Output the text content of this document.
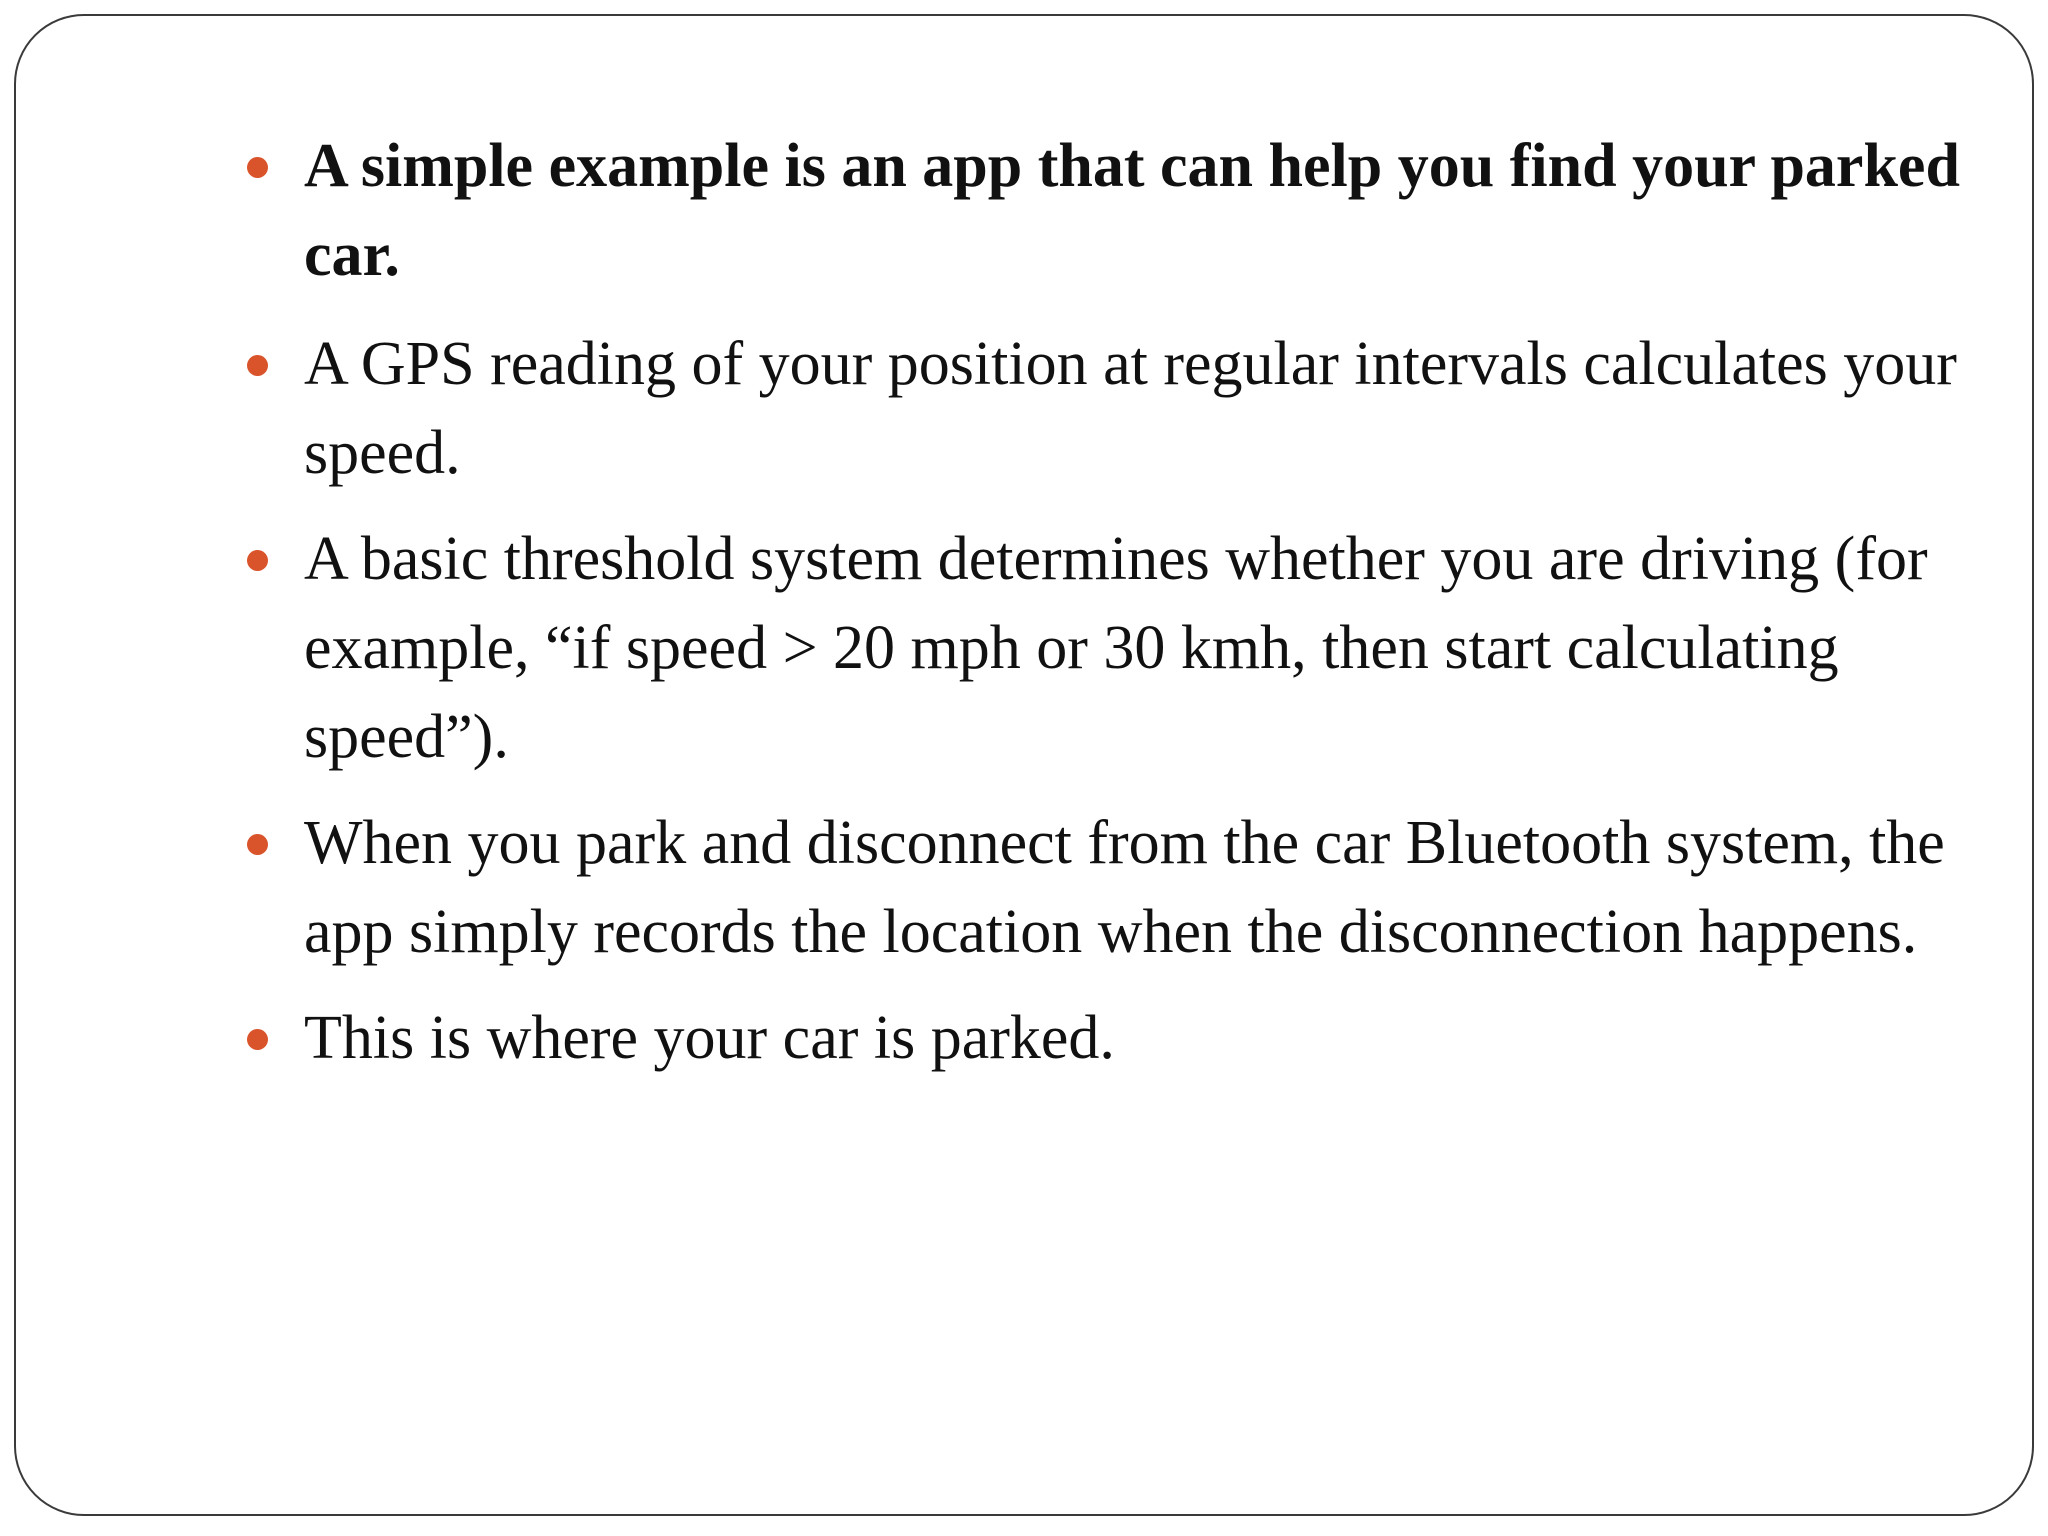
A simple example is an app that can help you find your parked car.
A GPS reading of your position at regular intervals calculates your speed.
A basic threshold system determines whether you are driving (for example, “if speed > 20 mph or 30 kmh, then start calculating speed”).
When you park and disconnect from the car Bluetooth system, the app simply records the location when the disconnection happens.
This is where your car is parked.
